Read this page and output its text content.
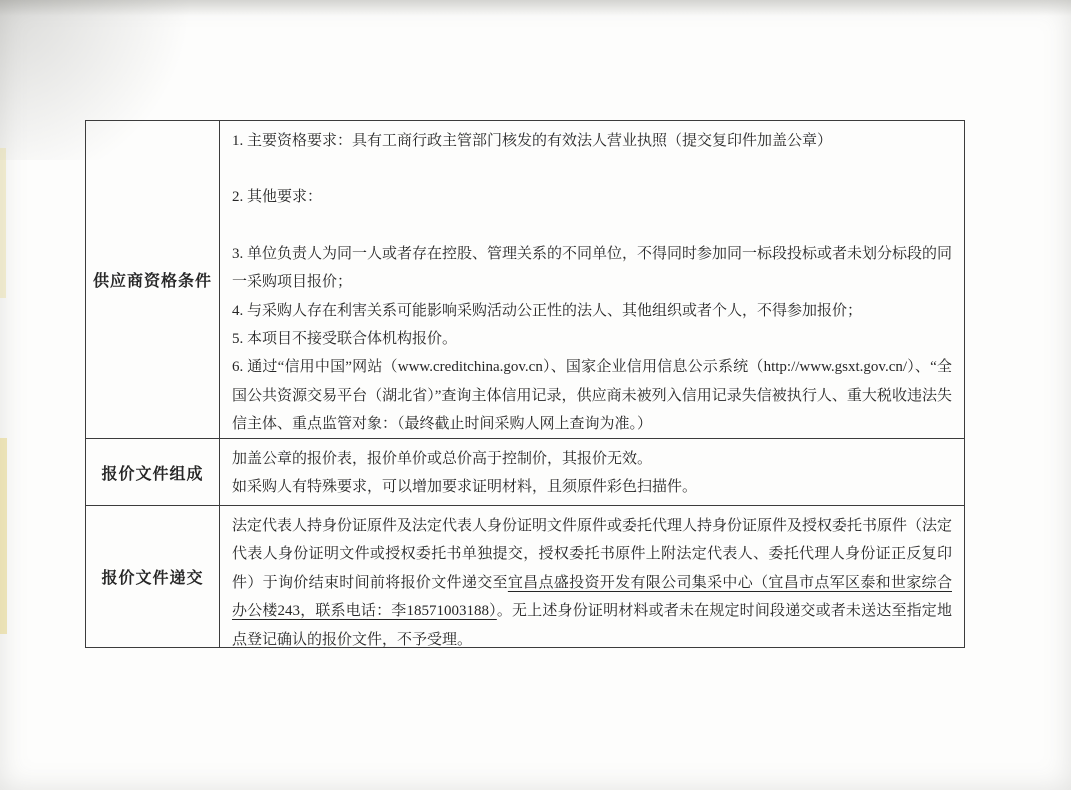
供应商资格条件

1. 主要资格要求：具有工商行政主管部门核发的有效法人营业执照（提交复印件加盖公章）

2. 其他要求：

3. 单位负责人为同一人或者存在控股、管理关系的不同单位，不得同时参加同一标段投标或者未划分标段的同一采购项目报价；

4. 与采购人存在利害关系可能影响采购活动公正性的法人、其他组织或者个人，不得参加报价；

5. 本项目不接受联合体机构报价。

6. 通过“信用中国”网站（www.creditchina.gov.cn）、国家企业信用信息公示系统（http://www.gsxt.gov.cn/）、“全国公共资源交易平台（湖北省）”查询主体信用记录，供应商未被列入信用记录失信被执行人、重大税收违法失信主体、重点监管对象：（最终截止时间采购人网上查询为准。）

报价文件组成

加盖公章的报价表，报价单价或总价高于控制价，其报价无效。

如采购人有特殊要求，可以增加要求证明材料，且须原件彩色扫描件。

报价文件递交

法定代表人持身份证原件及法定代表人身份证明文件原件或委托代理人持身份证原件及授权委托书原件（法定代表人身份证明文件或授权委托书单独提交，授权委托书原件上附法定代表人、委托代理人身份证正反复印件）于询价结束时间前将报价文件递交至宜昌点盛投资开发有限公司集采中心（宜昌市点军区泰和世家综合办公楼243，联系电话：李18571003188）。无上述身份证明材料或者未在规定时间段递交或者未送达至指定地点登记确认的报价文件，不予受理。
